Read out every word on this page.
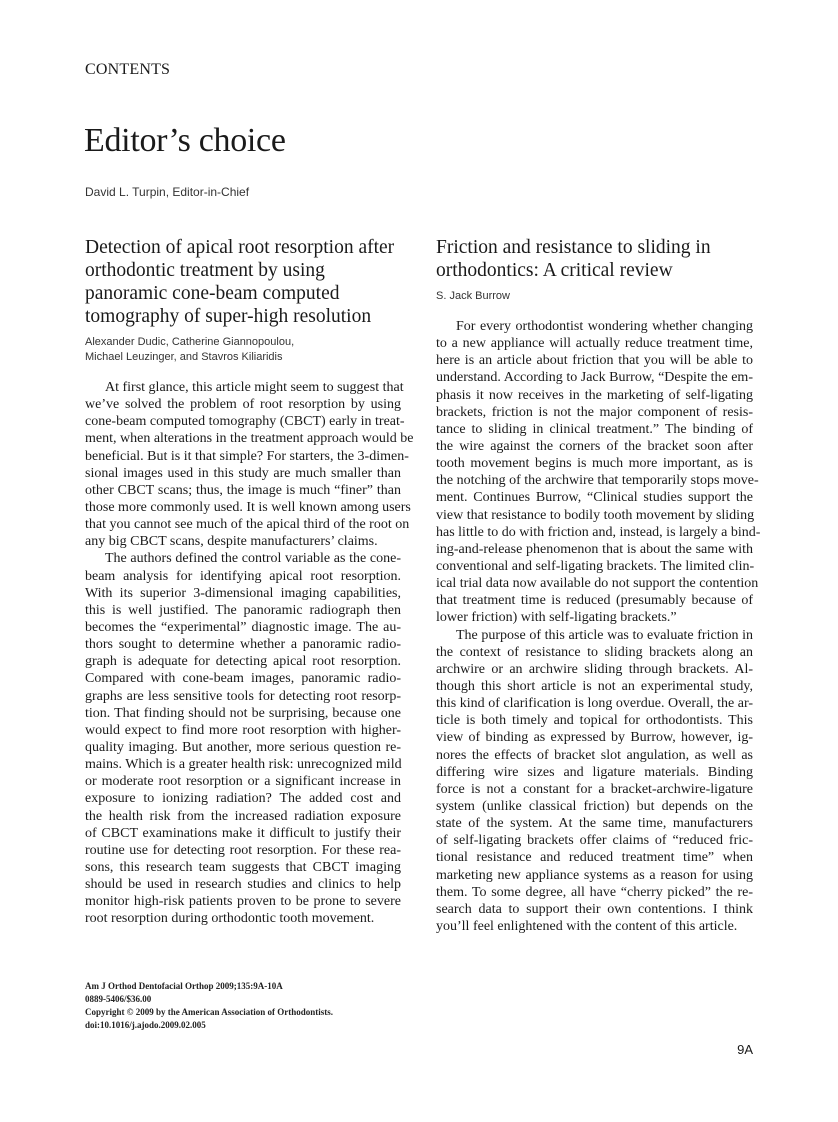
CONTENTS
Editor’s choice
David L. Turpin, Editor-in-Chief
Detection of apical root resorption after
orthodontic treatment by using
panoramic cone-beam computed
tomography of super-high resolution
Alexander Dudic, Catherine Giannopoulou,
Michael Leuzinger, and Stavros Kiliaridis
At first glance, this article might seem to suggest that
we’ve solved the problem of root resorption by using
cone-beam computed tomography (CBCT) early in treat-
ment, when alterations in the treatment approach would be
beneficial. But is it that simple? For starters, the 3-dimen-
sional images used in this study are much smaller than
other CBCT scans; thus, the image is much “finer” than
those more commonly used. It is well known among users
that you cannot see much of the apical third of the root on
any big CBCT scans, despite manufacturers’ claims.
The authors defined the control variable as the cone-
beam analysis for identifying apical root resorption.
With its superior 3-dimensional imaging capabilities,
this is well justified. The panoramic radiograph then
becomes the “experimental” diagnostic image. The au-
thors sought to determine whether a panoramic radio-
graph is adequate for detecting apical root resorption.
Compared with cone-beam images, panoramic radio-
graphs are less sensitive tools for detecting root resorp-
tion. That finding should not be surprising, because one
would expect to find more root resorption with higher-
quality imaging. But another, more serious question re-
mains. Which is a greater health risk: unrecognized mild
or moderate root resorption or a significant increase in
exposure to ionizing radiation? The added cost and
the health risk from the increased radiation exposure
of CBCT examinations make it difficult to justify their
routine use for detecting root resorption. For these rea-
sons, this research team suggests that CBCT imaging
should be used in research studies and clinics to help
monitor high-risk patients proven to be prone to severe
root resorption during orthodontic tooth movement.
Friction and resistance to sliding in
orthodontics: A critical review
S. Jack Burrow
For every orthodontist wondering whether changing
to a new appliance will actually reduce treatment time,
here is an article about friction that you will be able to
understand. According to Jack Burrow, “Despite the em-
phasis it now receives in the marketing of self-ligating
brackets, friction is not the major component of resis-
tance to sliding in clinical treatment.” The binding of
the wire against the corners of the bracket soon after
tooth movement begins is much more important, as is
the notching of the archwire that temporarily stops move-
ment. Continues Burrow, “Clinical studies support the
view that resistance to bodily tooth movement by sliding
has little to do with friction and, instead, is largely a bind-
ing-and-release phenomenon that is about the same with
conventional and self-ligating brackets. The limited clin-
ical trial data now available do not support the contention
that treatment time is reduced (presumably because of
lower friction) with self-ligating brackets.”
The purpose of this article was to evaluate friction in
the context of resistance to sliding brackets along an
archwire or an archwire sliding through brackets. Al-
though this short article is not an experimental study,
this kind of clarification is long overdue. Overall, the ar-
ticle is both timely and topical for orthodontists. This
view of binding as expressed by Burrow, however, ig-
nores the effects of bracket slot angulation, as well as
differing wire sizes and ligature materials. Binding
force is not a constant for a bracket-archwire-ligature
system (unlike classical friction) but depends on the
state of the system. At the same time, manufacturers
of self-ligating brackets offer claims of “reduced fric-
tional resistance and reduced treatment time” when
marketing new appliance systems as a reason for using
them. To some degree, all have “cherry picked” the re-
search data to support their own contentions. I think
you’ll feel enlightened with the content of this article.
Am J Orthod Dentofacial Orthop 2009;135:9A-10A
0889-5406/$36.00
Copyright © 2009 by the American Association of Orthodontists.
doi:10.1016/j.ajodo.2009.02.005
9A
